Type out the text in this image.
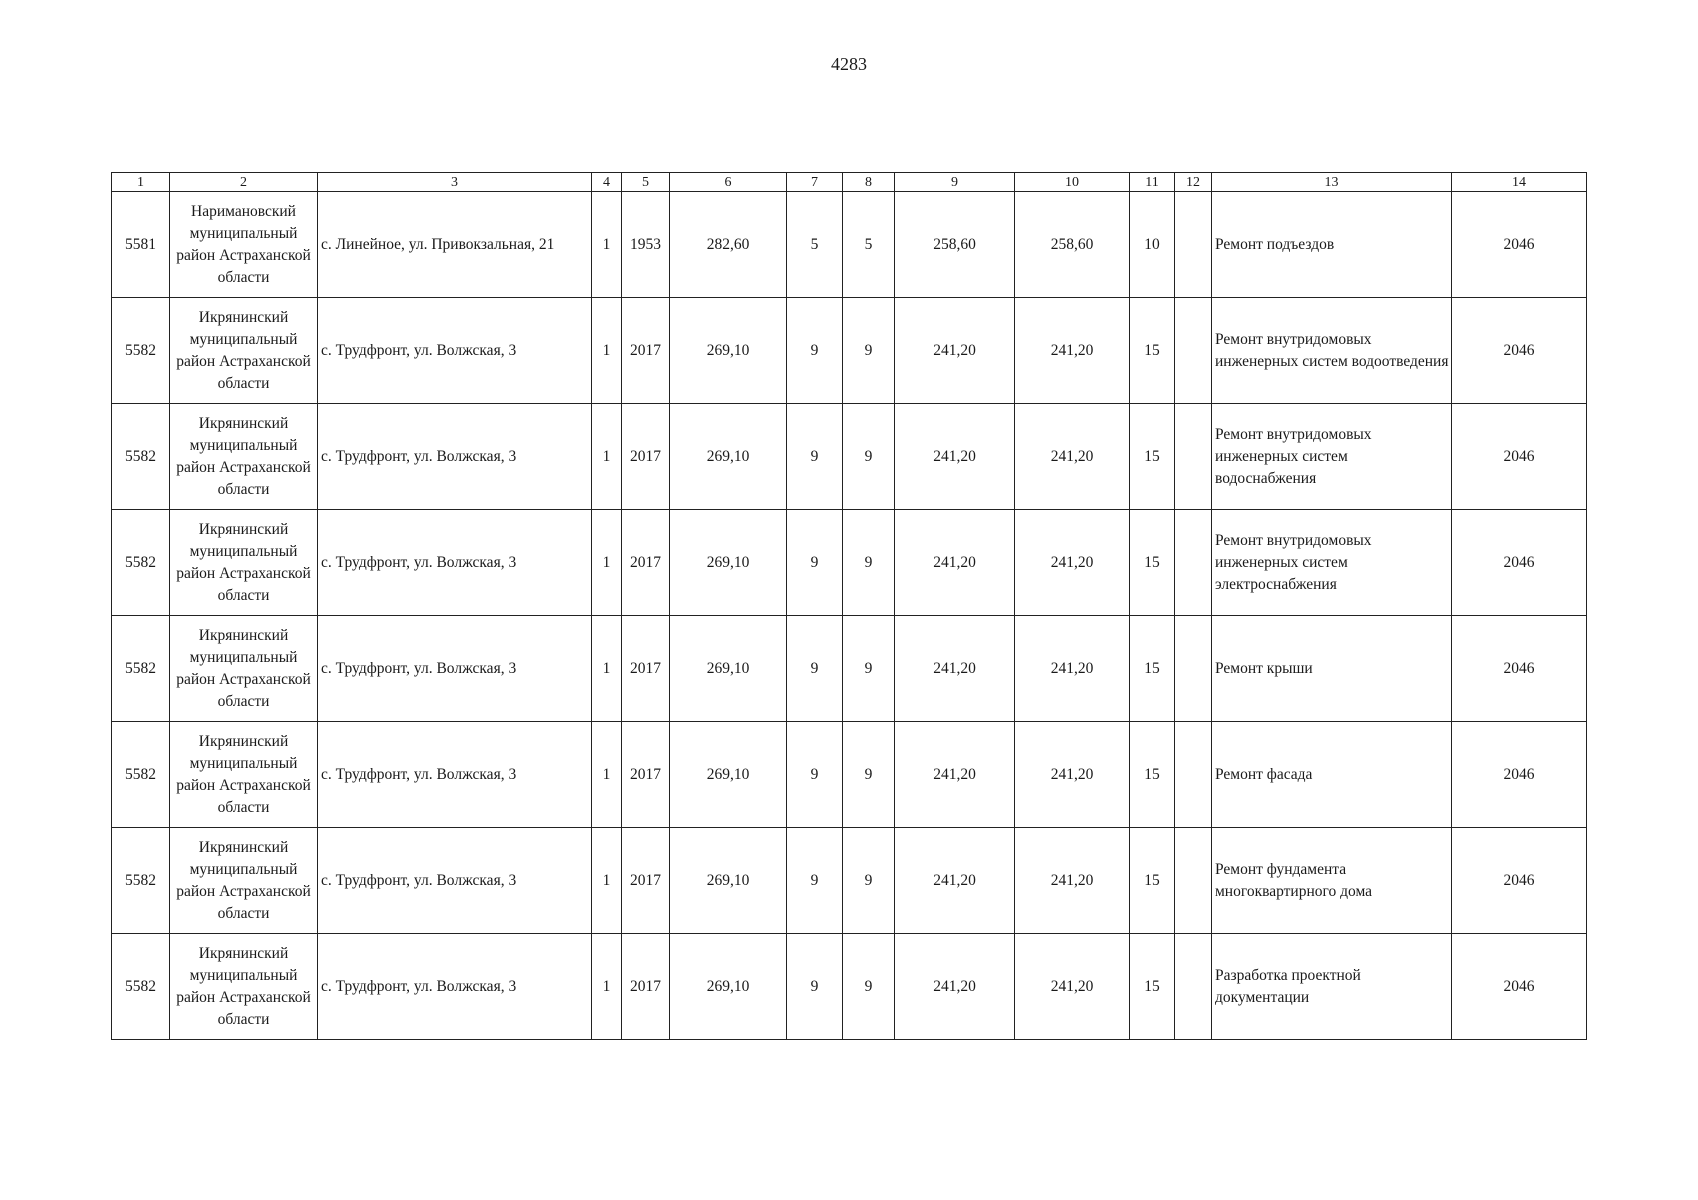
4283
1	2	3	4	5	6	7	8	9	10	11	12	13	14
5581	Наримановский муниципальный район Астраханской области	с. Линейное, ул. Привокзальная, 21	1	1953	282,60	5	5	258,60	258,60	10		Ремонт подъездов	2046
5582	Икрянинский муниципальный район Астраханской области	с. Трудфронт, ул. Волжская, 3	1	2017	269,10	9	9	241,20	241,20	15		Ремонт внутридомовых инженерных систем водоотведения	2046
5582	Икрянинский муниципальный район Астраханской области	с. Трудфронт, ул. Волжская, 3	1	2017	269,10	9	9	241,20	241,20	15		Ремонт внутридомовых инженерных систем водоснабжения	2046
5582	Икрянинский муниципальный район Астраханской области	с. Трудфронт, ул. Волжская, 3	1	2017	269,10	9	9	241,20	241,20	15		Ремонт внутридомовых инженерных систем электроснабжения	2046
5582	Икрянинский муниципальный район Астраханской области	с. Трудфронт, ул. Волжская, 3	1	2017	269,10	9	9	241,20	241,20	15		Ремонт крыши	2046
5582	Икрянинский муниципальный район Астраханской области	с. Трудфронт, ул. Волжская, 3	1	2017	269,10	9	9	241,20	241,20	15		Ремонт фасада	2046
5582	Икрянинский муниципальный район Астраханской области	с. Трудфронт, ул. Волжская, 3	1	2017	269,10	9	9	241,20	241,20	15		Ремонт фундамента многоквартирного дома	2046
5582	Икрянинский муниципальный район Астраханской области	с. Трудфронт, ул. Волжская, 3	1	2017	269,10	9	9	241,20	241,20	15		Разработка проектной документации	2046
